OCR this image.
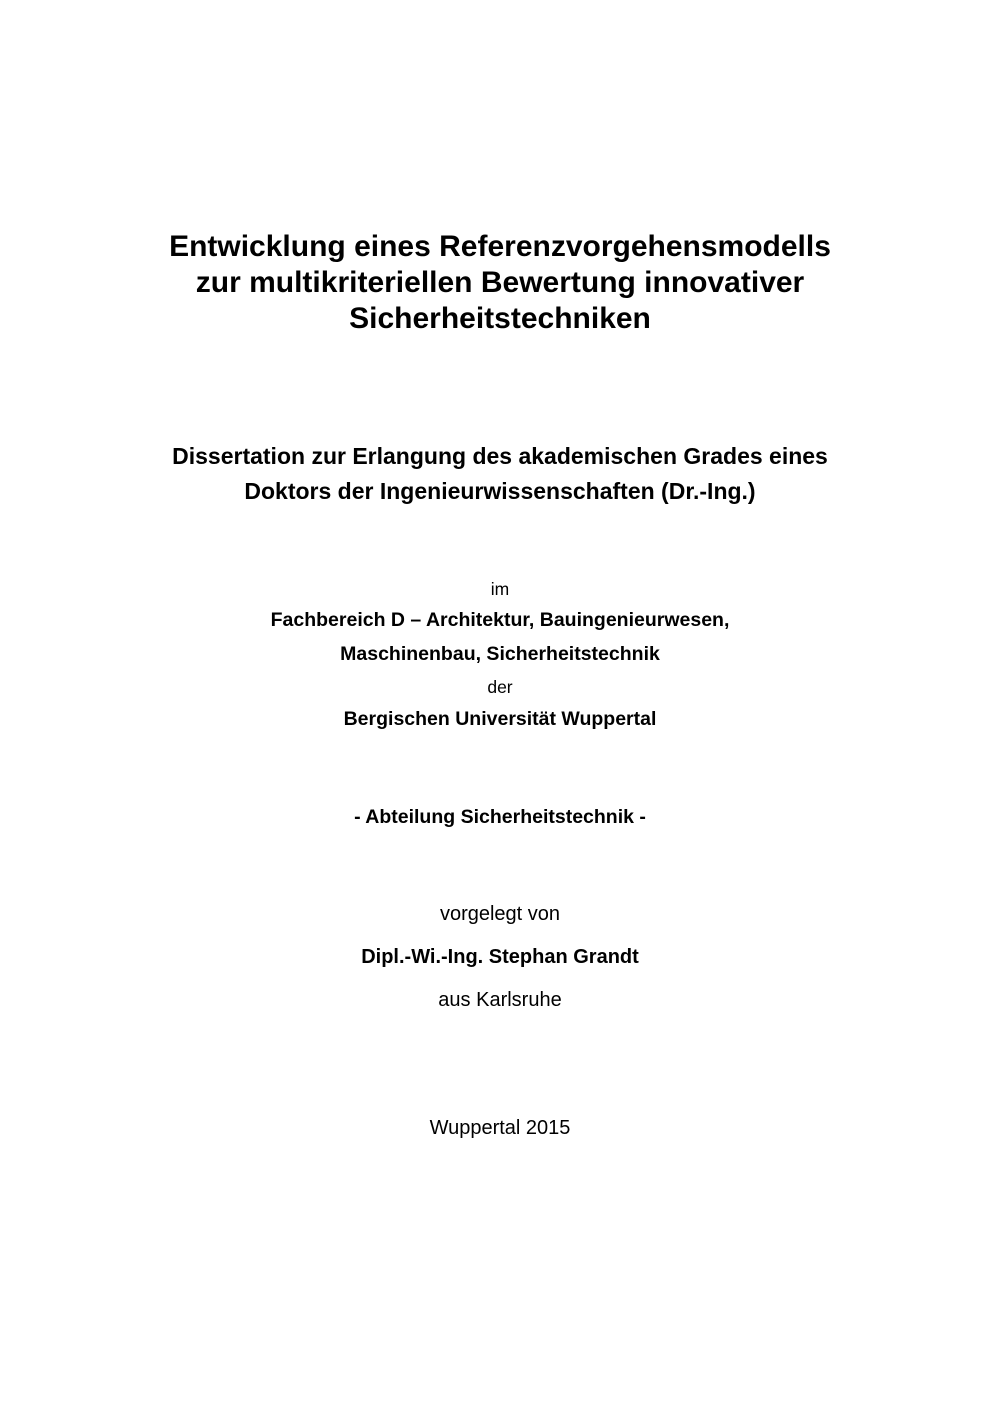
Entwicklung eines Referenzvorgehensmodells
zur multikriteriellen Bewertung innovativer
Sicherheitstechniken
Dissertation zur Erlangung des akademischen Grades eines
Doktors der Ingenieurwissenschaften (Dr.-Ing.)
im
Fachbereich D – Architektur, Bauingenieurwesen,
Maschinenbau, Sicherheitstechnik
der
Bergischen Universität Wuppertal
- Abteilung Sicherheitstechnik -
vorgelegt von
Dipl.-Wi.-Ing. Stephan Grandt
aus Karlsruhe
Wuppertal 2015
